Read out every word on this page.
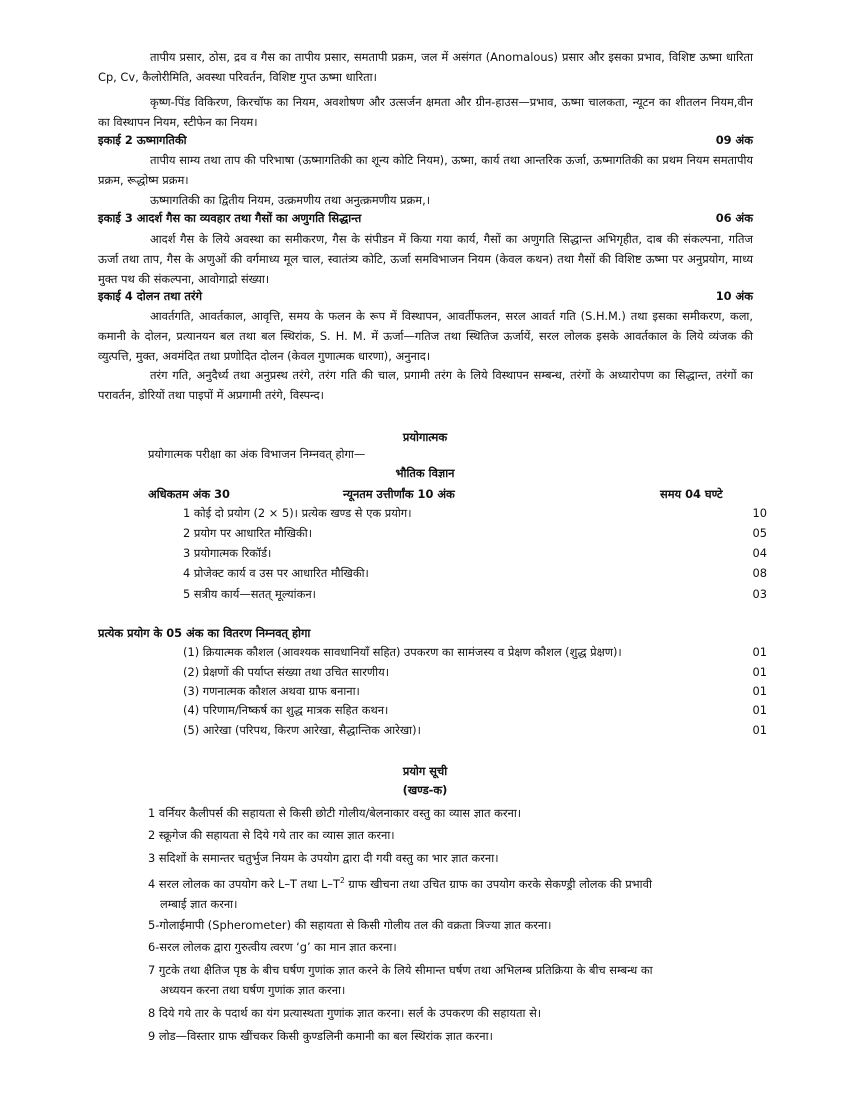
तापीय प्रसार, ठोस, द्रव व गैस का तापीय प्रसार, समतापी प्रक्रम, जल में असंगत (Anomalous) प्रसार और इसका प्रभाव, विशिष्ट ऊष्मा धारिता Cp, Cv, कैलोरीमिति, अवस्था परिवर्तन, विशिष्ट गुप्त ऊष्मा धारिता।

कृष्ण-पिंड विकिरण, किरचॉफ का नियम, अवशोषण और उत्सर्जन क्षमता और ग्रीन-हाउस—प्रभाव, ऊष्मा चालकता, न्यूटन का शीतलन नियम,वीन का विस्थापन नियम, स्टीफेन का नियम।

इकाई 2 ऊष्मागतिकी	09 अंक

तापीय साम्य तथा ताप की परिभाषा (ऊष्मागतिकी का शून्य कोटि नियम), ऊष्मा, कार्य तथा आन्तरिक ऊर्जा, ऊष्मागतिकी का प्रथम नियम समतापीय प्रक्रम, रूद्धोष्म प्रक्रम।

ऊष्मागतिकी का द्वितीय नियम, उत्क्रमणीय तथा अनुत्क्रमणीय प्रक्रम,।

इकाई 3 आदर्श गैस का व्यवहार तथा गैसों का अणुगति सिद्धान्त	06 अंक

आदर्श गैस के लिये अवस्था का समीकरण, गैस के संपीडन में किया गया कार्य, गैसों का अणुगति सिद्धान्त अभिगृहीत, दाब की संकल्पना, गतिज ऊर्जा तथा ताप, गैस के अणुओं की वर्गमाध्य मूल चाल, स्वातंत्र्य कोटि, ऊर्जा समविभाजन नियम (केवल कथन) तथा गैसों की विशिष्ट ऊष्मा पर अनुप्रयोग, माध्य मुक्त पथ की संकल्पना, आवोगाद्रो संख्या।

इकाई 4 दोलन तथा तरंगे	10 अंक

आवर्तगति, आवर्तकाल, आवृत्ति, समय के फलन के रूप में विस्थापन, आवर्तीफलन, सरल आवर्त गति (S.H.M.) तथा इसका समीकरण, कला, कमानी के दोलन, प्रत्यानयन बल तथा बल स्थिरांक, S. H. M. में ऊर्जा—गतिज तथा स्थितिज ऊर्जायें, सरल लोलक इसके आवर्तकाल के लिये व्यंजक की व्युत्पत्ति, मुक्त, अवमंदित तथा प्रणोदित दोलन (केवल गुणात्मक धारणा), अनुनाद।

तरंग गति, अनुदैर्ध्य तथा अनुप्रस्थ तरंगे, तरंग गति की चाल, प्रगामी तरंग के लिये विस्थापन सम्बन्ध, तरंगों के अध्यारोपण का सिद्धान्त, तरंगों का परावर्तन, डोरियों तथा पाइपों में अप्रगामी तरंगे, विस्पन्द।

प्रयोगात्मक

प्रयोगात्मक परीक्षा का अंक विभाजन निम्नवत् होगा—

भौतिक विज्ञान

अधिकतम अंक 30	न्यूनतम उत्तीर्णांक 10 अंक	समय 04 घण्टे

1 कोई दो प्रयोग (2 × 5)। प्रत्येक खण्ड से एक प्रयोग।	10
2 प्रयोग पर आधारित मौखिकी।	05
3 प्रयोगात्मक रिकॉर्ड।	04
4 प्रोजेक्ट कार्य व उस पर आधारित मौखिकी।	08
5 सत्रीय कार्य—सतत् मूल्यांकन।	03

प्रत्येक प्रयोग के 05 अंक का वितरण निम्नवत् होगा

(1) क्रियात्मक कौशल (आवश्यक सावधानियाँ सहित) उपकरण का सामंजस्य व प्रेक्षण कौशल (शुद्ध प्रेक्षण)।	01
(2) प्रेक्षणों की पर्याप्त संख्या तथा उचित सारणीय।	01
(3) गणनात्मक कौशल अथवा ग्राफ बनाना।	01
(4) परिणाम/निष्कर्ष का शुद्ध मात्रक सहित कथन।	01
(5) आरेखा (परिपथ, किरण आरेखा, सैद्धान्तिक आरेखा)।	01

प्रयोग सूची

(खण्ड-क)

1 वर्नियर कैलीपर्स की सहायता से किसी छोटी गोलीय/बेलनाकार वस्तु का व्यास ज्ञात करना।

2 स्क्रूगेज की सहायता से दिये गये तार का व्यास ज्ञात करना।

3 सदिशों के समान्तर चतुर्भुज नियम के उपयोग द्वारा दी गयी वस्तु का भार ज्ञात करना।

4 सरल लोलक का उपयोग करे L–T तथा $L-T^2$ ग्राफ खीचना तथा उचित ग्राफ का उपयोग करके सेकण्ड्री लोलक की प्रभावी
लम्बाई ज्ञात करना।

5-गोलाईमापी (Spherometer) की सहायता से किसी गोलीय तल की वक्रता त्रिज्या ज्ञात करना।

6-सरल लोलक द्वारा गुरुत्वीय त्वरण ‘g’ का मान ज्ञात करना।

7 गुटके तथा क्षैतिज पृष्ठ के बीच घर्षण गुणांक ज्ञात करने के लिये सीमान्त घर्षण तथा अभिलम्ब प्रतिक्रिया के बीच सम्बन्ध का
अध्ययन करना तथा घर्षण गुणांक ज्ञात करना।

8 दिये गये तार के पदार्थ का यंग प्रत्यास्थता गुणांक ज्ञात करना। सर्ल के उपकरण की सहायता से।

9 लोड—विस्तार ग्राफ खींचकर किसी कुण्डलिनी कमानी का बल स्थिरांक ज्ञात करना।
